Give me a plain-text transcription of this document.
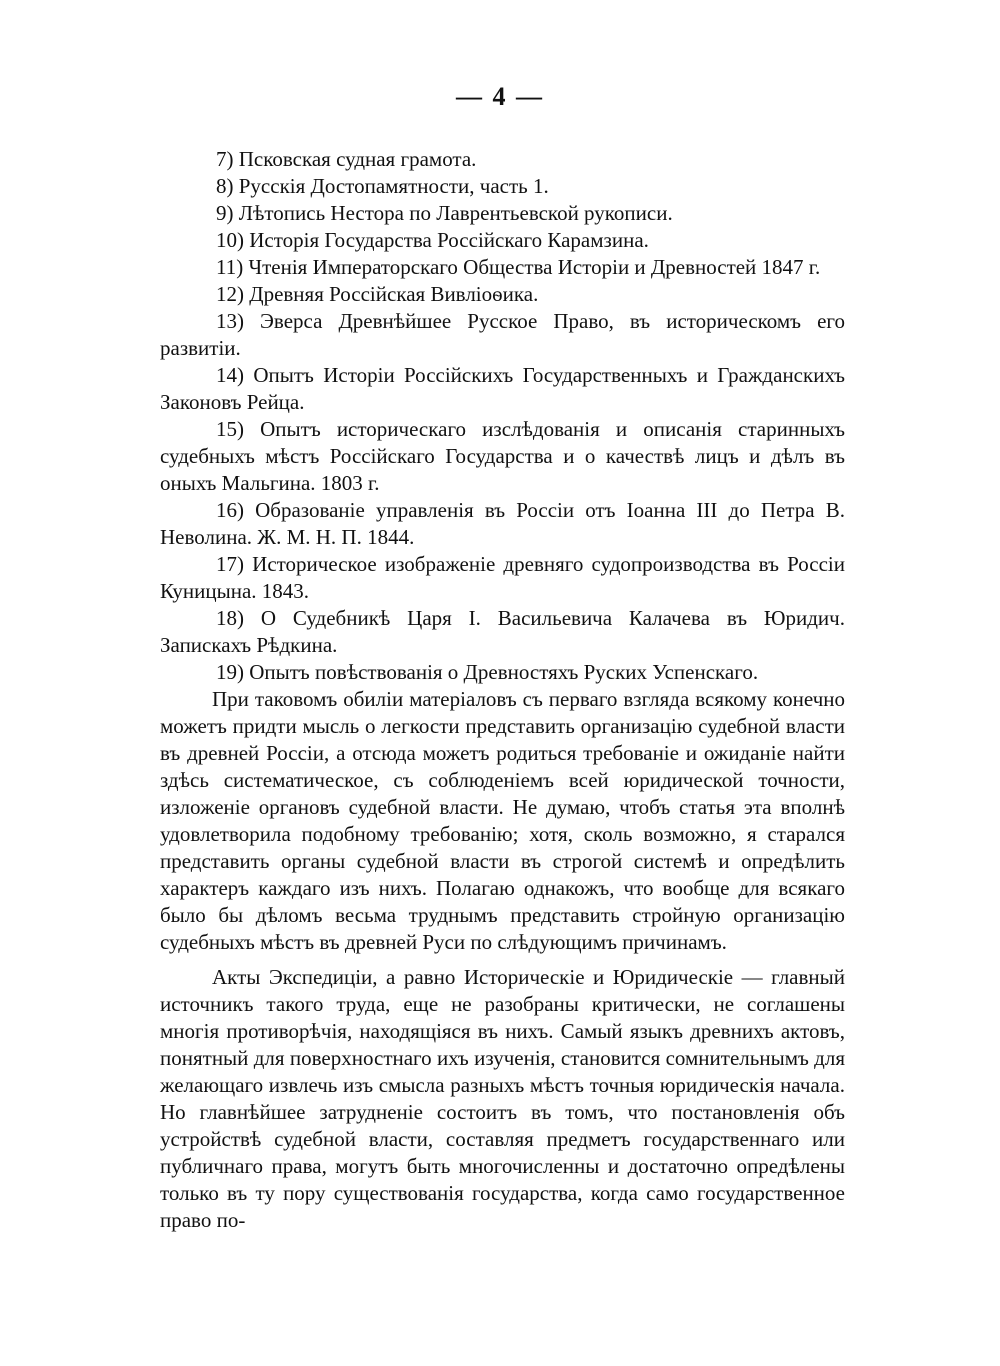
— 4 —

7) Псковская судная грамота.

8) Русскія Достопамятности, часть 1.

9) Лѣтопись Нестора по Лаврентьевской рукописи.

10) Исторія Государства Россійскаго Карамзина.

11) Чтенія Императорскаго Общества Исторіи и Древностей 1847 г.

12) Древняя Россійская Вивліоѳика.

13) Эверса Древнѣйшее Русское Право, въ историческомъ его развитіи.

14) Опытъ Исторіи Россійскихъ Государственныхъ и Гражданскихъ Законовъ Рейца.

15) Опытъ историческаго изслѣдованія и описанія старинныхъ судебныхъ мѣстъ Россійскаго Государства и о качествѣ лицъ и дѣлъ въ оныхъ Мальгина. 1803 г.

16) Образованіе управленія въ Россіи отъ Іоанна III до Петра В. Неволина. Ж. М. Н. П. 1844.

17) Историческое изображеніе древняго судопроизводства въ Россіи Куницына. 1843.

18) О Судебникѣ Царя І. Васильевича Калачева въ Юридич. Запискахъ Рѣдкина.

19) Опытъ повѣствованія о Древностяхъ Руских Успенскаго.

При таковомъ обиліи матеріаловъ съ перваго взгляда всякому конечно можетъ придти мысль о легкости представить организацію судебной власти въ древней Россіи, а отсюда можетъ родиться требованіе и ожиданіе найти здѣсь систематическое, съ соблюденіемъ всей юридической точности, изложеніе органовъ судебной власти. Не думаю, чтобъ статья эта вполнѣ удовлетворила подобному требованію; хотя, сколь возможно, я старался представить органы судебной власти въ строгой системѣ и опредѣлить характеръ каждаго изъ нихъ. Полагаю однакожъ, что вообще для всякаго было бы дѣломъ весьма труднымъ представить стройную организацію судебныхъ мѣстъ въ древней Руси по слѣдующимъ причинамъ.

Акты Экспедиціи, а равно Историческіе и Юридическіе — главный источникъ такого труда, еще не разобраны критически, не соглашены многія противорѣчія, находящіяся въ нихъ. Самый языкъ древнихъ актовъ, понятный для поверхностнаго ихъ изученія, становится сомнительнымъ для желающаго извлечь изъ смысла разныхъ мѣстъ точныя юридическія начала. Но главнѣйшее затрудненіе состоитъ въ томъ, что постановленія объ устройствѣ судебной власти, составляя предметъ государственнаго или публичнаго права, могутъ быть многочисленны и достаточно опредѣлены только въ ту пору существованія государства, когда само государственное право по-
